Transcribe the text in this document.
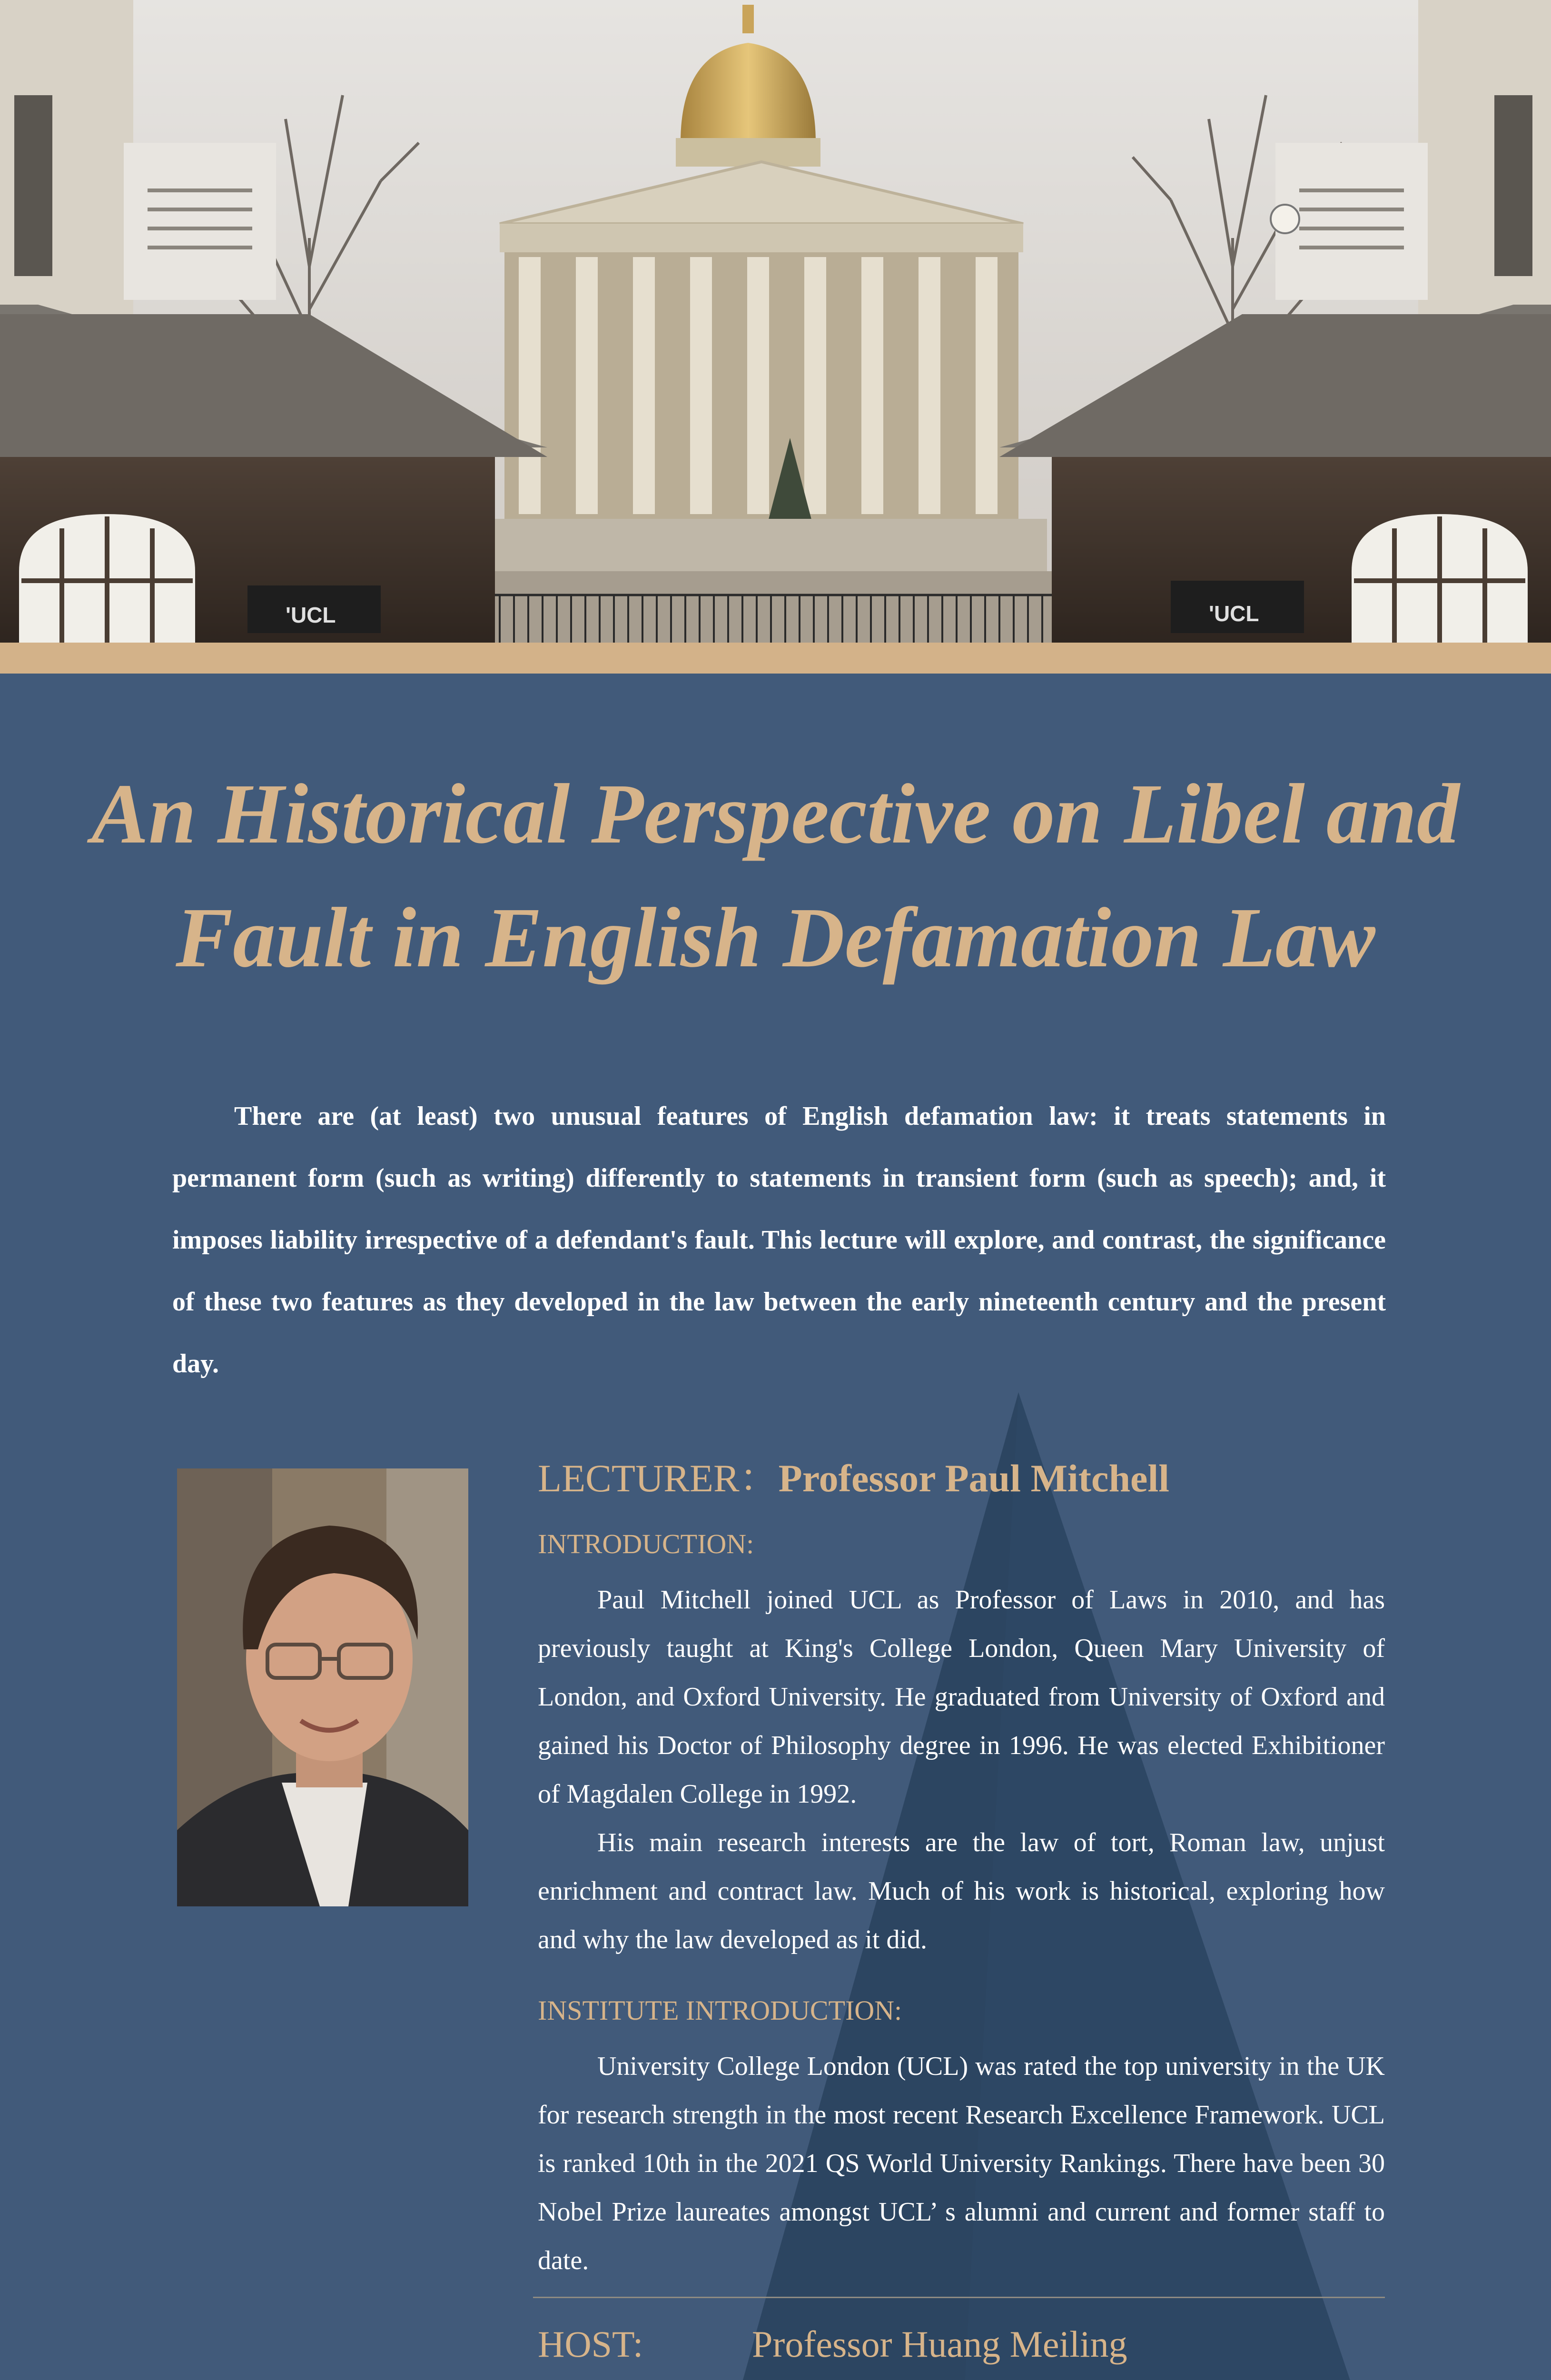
'UCL	'UCL
An Historical Perspective on Libel and
Fault in English Defamation Law
There are (at least) two unusual features of English defamation law: it treats statements in permanent form (such as writing) differently to statements in transient form (such as speech); and, it imposes liability irrespective of a defendant's fault. This lecture will explore, and contrast, the significance of these two features as they developed in the law between the early nineteenth century and the present day.
LECTURER：Professor Paul Mitchell
INTRODUCTION:

Paul Mitchell joined UCL as Professor of Laws in 2010, and has previously taught at King's College London, Queen Mary University of London, and Oxford University. He graduated from University of Oxford and gained his Doctor of Philosophy degree in 1996. He was elected Exhibitioner of Magdalen College in 1992.

His main research interests are the law of tort, Roman law, unjust enrichment and contract law. Much of his work is historical, exploring how and why the law developed as it did.

INSTITUTE INTRODUCTION:

University College London (UCL) was rated the top university in the UK for research strength in the most recent Research Excellence Framework. UCL is ranked 10th in the 2021 QS World University Rankings. There have been 30 Nobel Prize laureates amongst UCL’ s alumni and current and former staff to date.

HOST:	Professor Huang Meiling
